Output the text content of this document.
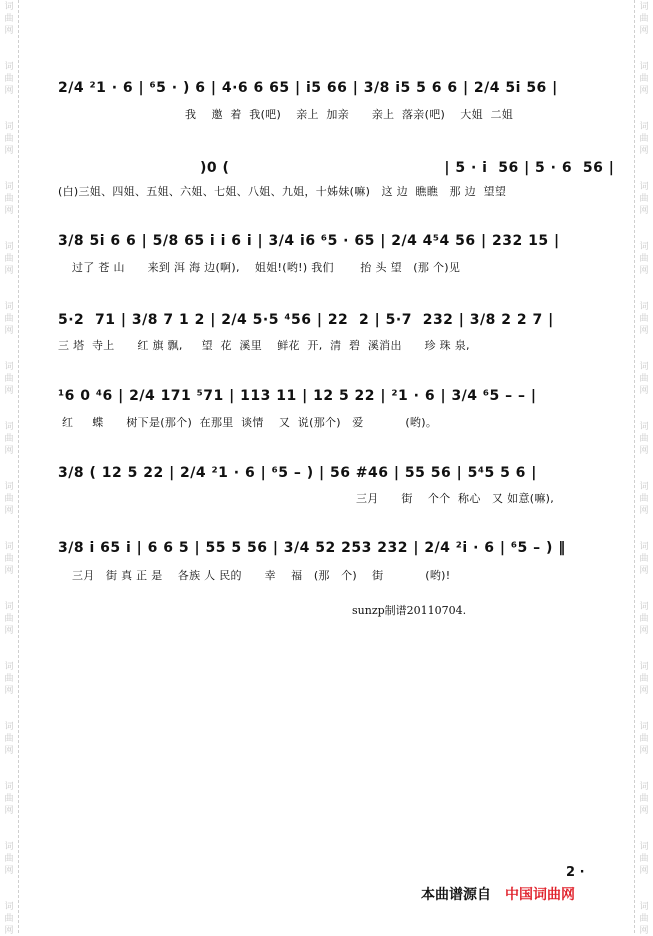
词
曲
网
词
曲
网
词
曲
网
词
曲
网
词
曲
网
词
曲
网
词
曲
网
词
曲
网
词
曲
网
词
曲
网
词
曲
网
词
曲
网
词
曲
网
词
曲
网
词
曲
网
词
曲
网
词
曲
网
词
曲
网
词
曲
网
词
曲
网
词
曲
网
词
曲
网
词
曲
网
词
曲
网
词
曲
网
词
曲
网
词
曲
网
词
曲
网
词
曲
网
词
曲
网
词
曲
网
词
曲
网
2/4 ²1 · 6 | ⁶5 · ) 6 | 4·6 6 65 | i5 66 | 3/8 i5 5 6 6 | 2/4 5i 56 |
我    邀  着  我(吧)    亲上  加亲      亲上  落亲(吧)    大姐  二姐
)0 (                                        | 5 · i  56 | 5 · 6  56 |
(白)三姐、四姐、五姐、六姐、七姐、八姐、九姐，十姊妹(嘛)   这 边  瞧瞧   那 边  望望
3/8 5i 6 6 | 5/8 65 i i 6 i | 3/4 i6 ⁶5 · 65 | 2/4 4⁵4 56 | 232 15 |
过了 苍 山      来到 洱 海 边(啊),    姐姐!(哟!) 我们       抬 头 望   (那 个)见
5·2  71 | 3/8 7 1 2 | 2/4 5·5 ⁴56 | 22  2 | 5·7  232 | 3/8 2 2 7 |
三 塔  寺上      红 旗 飘,     望  花  溪里    鲜花  开,  清  碧  溪消出      珍 珠 泉,
¹6 0 ⁴6 | 2/4 171 ⁵71 | 113 11 | 12 5 22 | ²1 · 6 | 3/4 ⁶5 – – |
红     蝶      树下是(那个)  在那里  谈情    又  说(那个)   爱           (哟)。
3/8 ( 12 5 22 | 2/4 ²1 · 6 | ⁶5 – ) | 56 #46 | 55 56 | 5⁴5 5 6 |
三月      街    个个  称心   又 如意(嘛),
3/8 i 65 i | 6 6 5 | 55 5 56 | 3/4 52 253 232 | 2/4 ²i · 6 | ⁶5 – ) ‖
三月   街 真 正 是    各族 人 民的      幸    福   (那   个)    街           (哟)!
sunzp制谱20110704.
2 ·
本曲谱源自 中国词曲网
